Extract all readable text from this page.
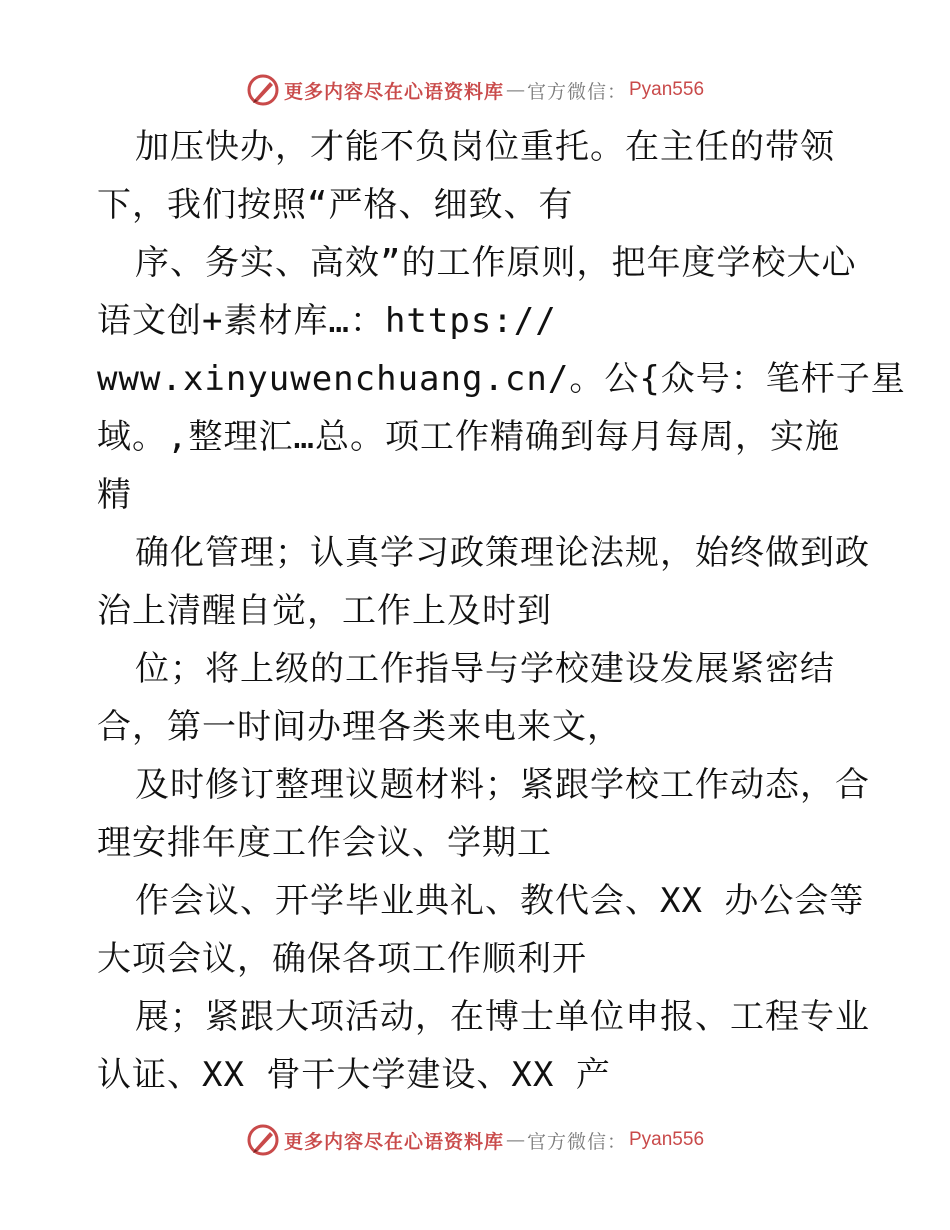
更多内容尽在心语资料库 — 官方微信： Pyan556
加压快办，才能不负岗位重托。在主任的带领
下，我们按照“严格、细致、有
序、务实、高效”的工作原则，把年度学校大心
语文创+素材库…：https://
www.xinyuwenchuang.cn/。公{众号：笔杆子星
域。,整理汇…总。项工作精确到每月每周，实施
精
确化管理；认真学习政策理论法规，始终做到政
治上清醒自觉，工作上及时到
位；将上级的工作指导与学校建设发展紧密结
合，第一时间办理各类来电来文，
及时修订整理议题材料；紧跟学校工作动态，合
理安排年度工作会议、学期工
作会议、开学毕业典礼、教代会、XX 办公会等
大项会议，确保各项工作顺利开
展；紧跟大项活动，在博士单位申报、工程专业
认证、XX 骨干大学建设、XX 产
更多内容尽在心语资料库 — 官方微信： Pyan556
